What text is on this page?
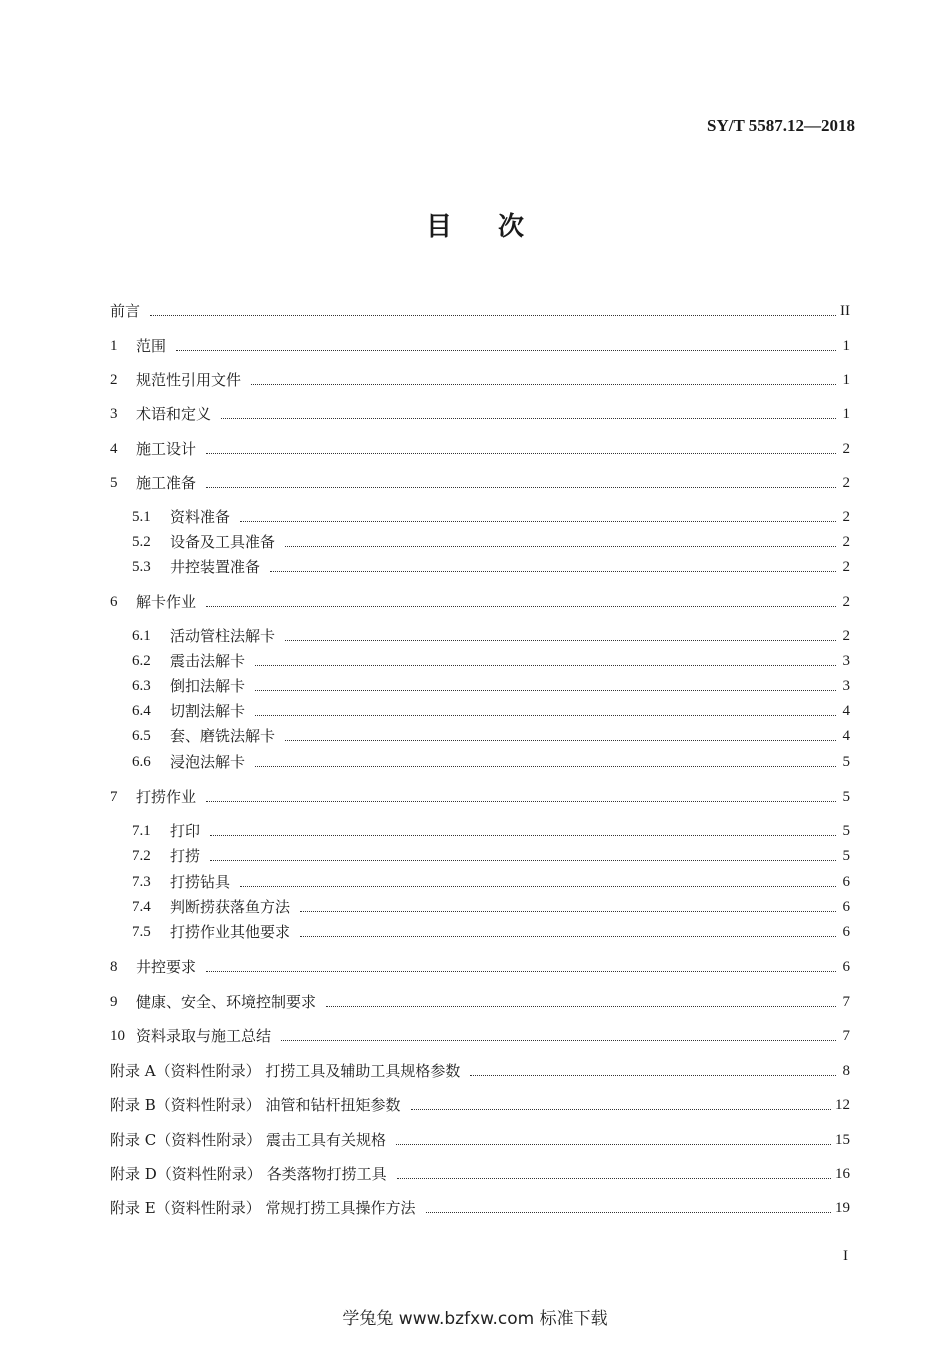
SY/T 5587.12—2018
目 次
前言	II
1	范围	1
2	规范性引用文件	1
3	术语和定义	1
4	施工设计	2
5	施工准备	2
5.1	资料准备	2
5.2	设备及工具准备	2
5.3	井控装置准备	2
6	解卡作业	2
6.1	活动管柱法解卡	2
6.2	震击法解卡	3
6.3	倒扣法解卡	3
6.4	切割法解卡	4
6.5	套、磨铣法解卡	4
6.6	浸泡法解卡	5
7	打捞作业	5
7.1	打印	5
7.2	打捞	5
7.3	打捞钻具	6
7.4	判断捞获落鱼方法	6
7.5	打捞作业其他要求	6
8	井控要求	6
9	健康、安全、环境控制要求	7
10 资料录取与施工总结	7
附录 A（资料性附录） 打捞工具及辅助工具规格参数	8
附录 B（资料性附录） 油管和钻杆扭矩参数	12
附录 C（资料性附录） 震击工具有关规格	15
附录 D（资料性附录） 各类落物打捞工具	16
附录 E（资料性附录） 常规打捞工具操作方法	19
I
学兔兔 www.bzfxw.com 标准下载
